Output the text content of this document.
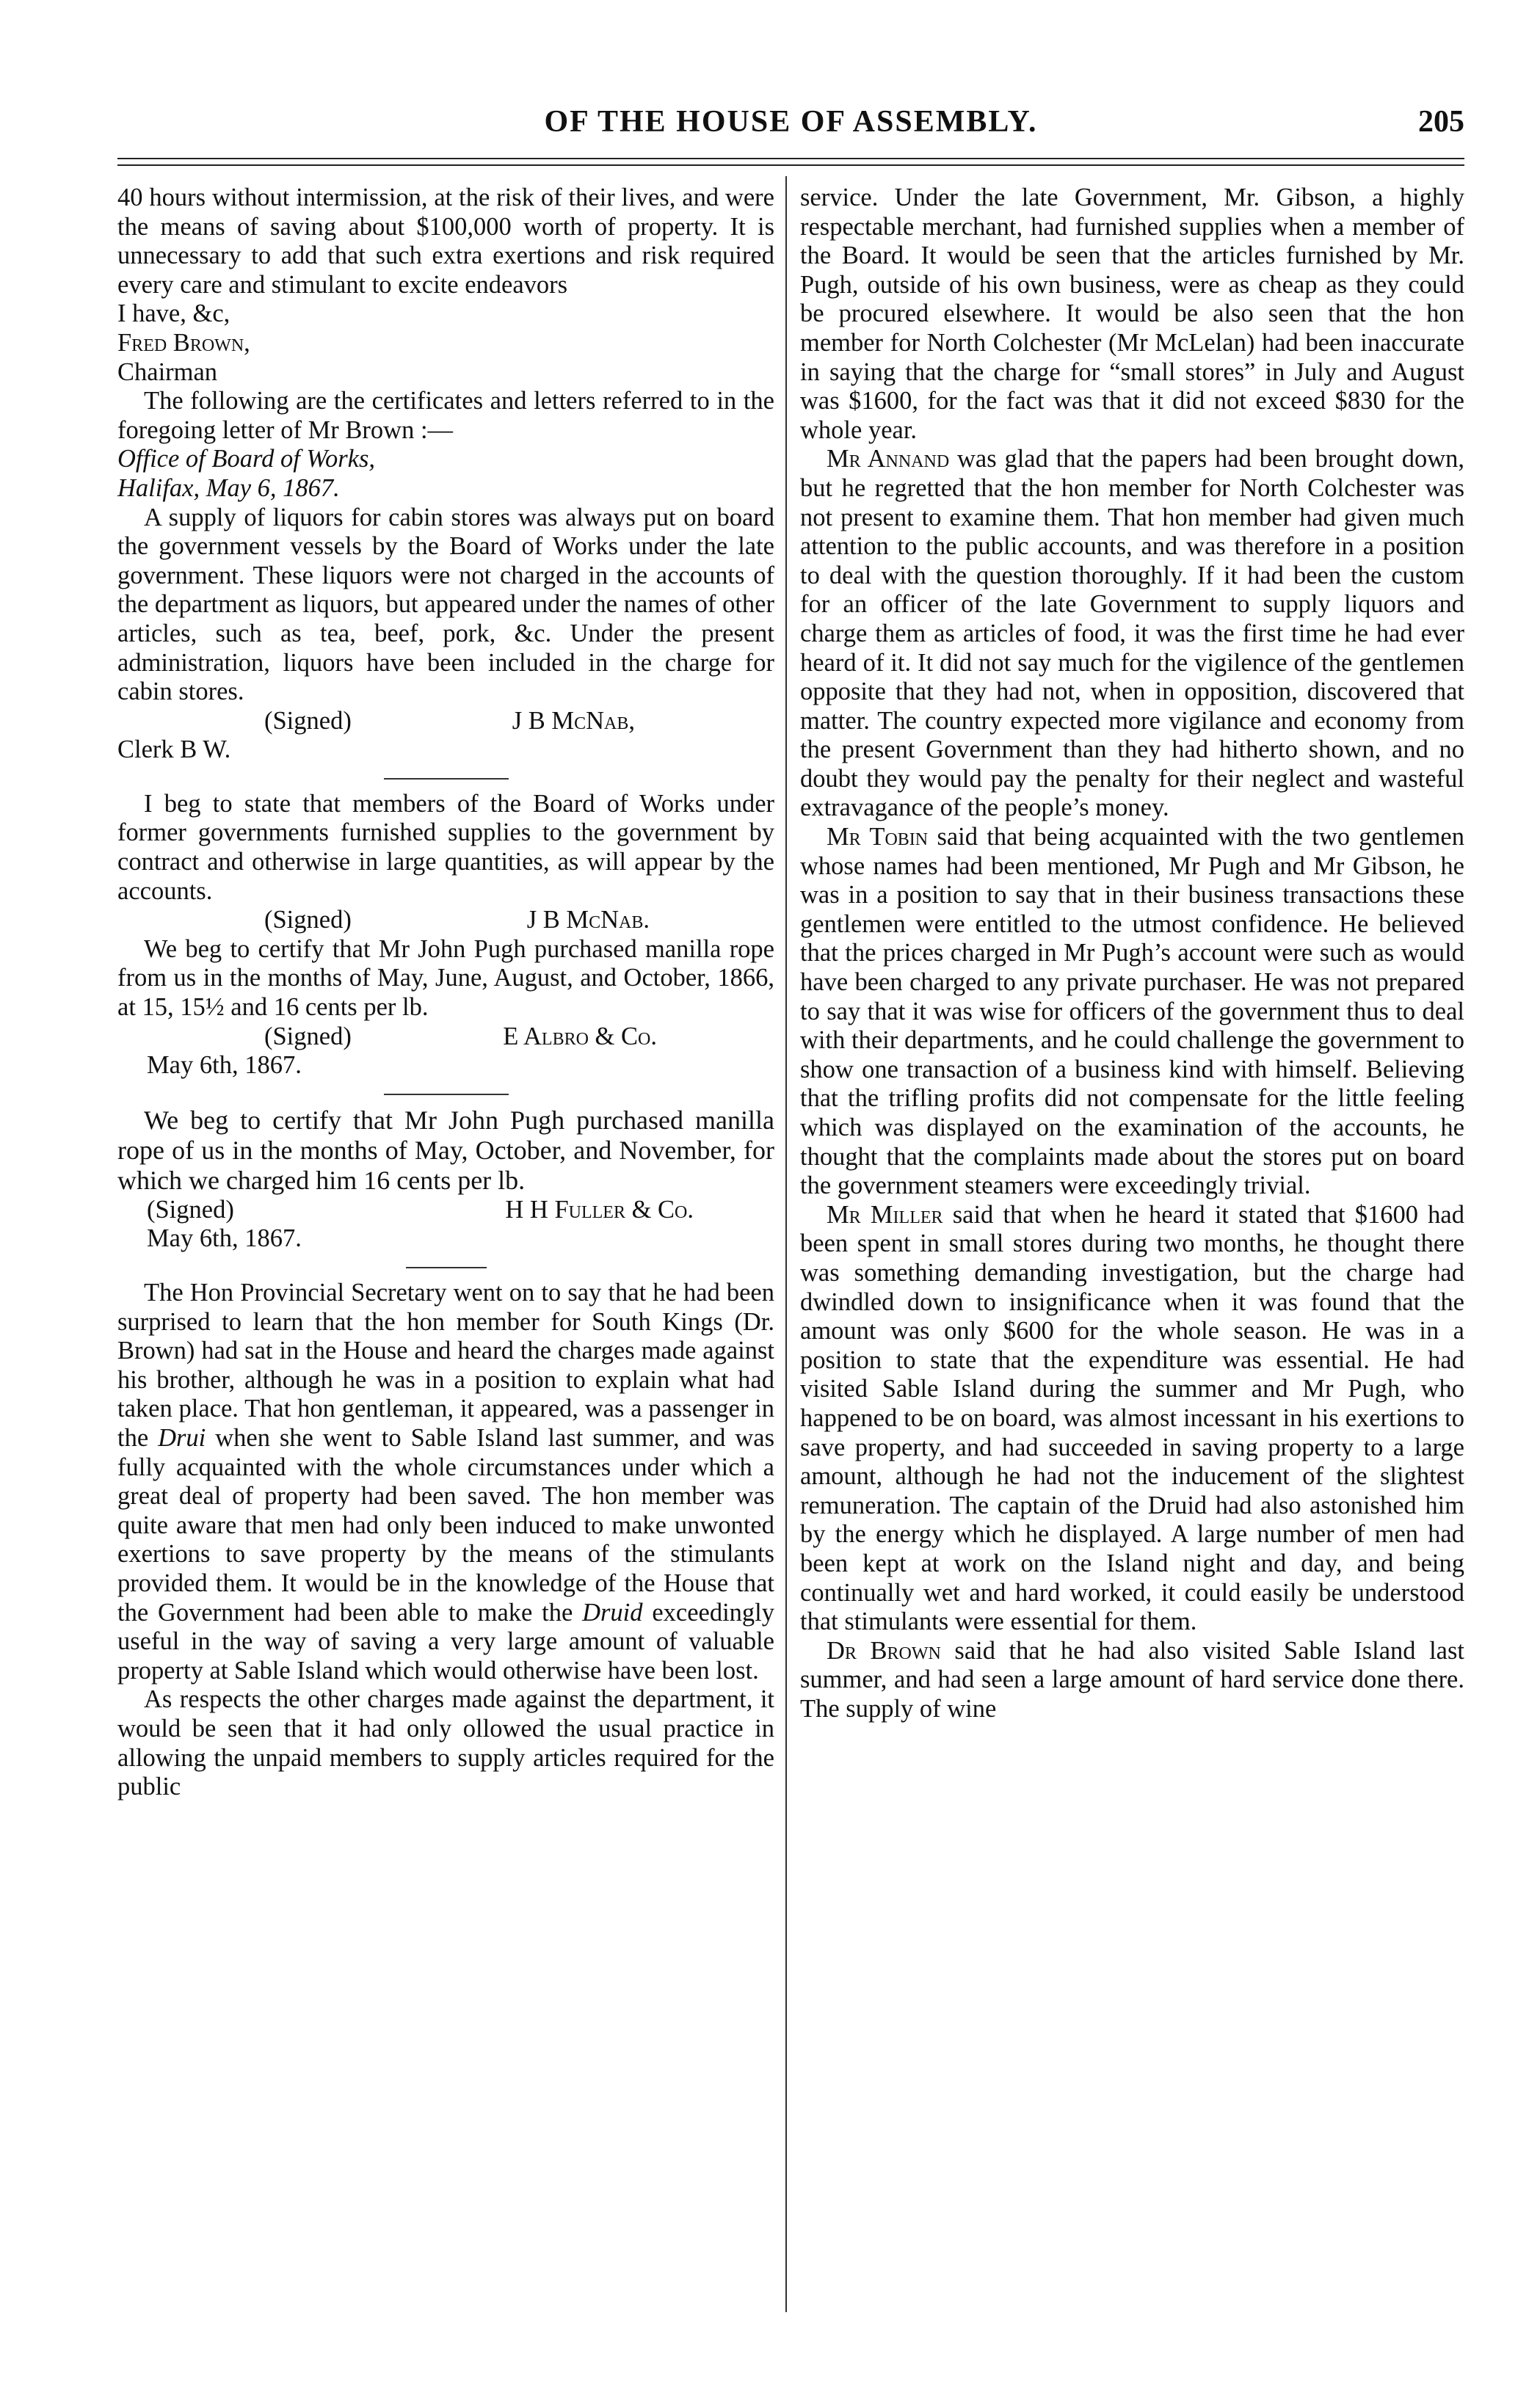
OF THE HOUSE OF ASSEMBLY.	205

40 hours without intermission, at the risk of their lives, and were the means of saving about $100,000 worth of property. It is unnecessary to add that such extra exertions and risk required every care and stimulant to excite endeavors

I have, &c,

Fred Brown,

Chairman

The following are the certificates and letters referred to in the foregoing letter of Mr Brown :—

Office of Board of Works,

Halifax, May 6, 1867.

A supply of liquors for cabin stores was always put on board the government vessels by the Board of Works under the late government. These liquors were not charged in the accounts of the department as liquors, but appeared under the names of other articles, such as tea, beef, pork, &c. Under the present administration, liquors have been included in the charge for cabin stores.

(Signed)	J B McNab,

Clerk B W.

I beg to state that members of the Board of Works under former governments furnished supplies to the government by contract and otherwise in large quantities, as will appear by the accounts.

(Signed)	J B McNab.

We beg to certify that Mr John Pugh purchased manilla rope from us in the months of May, June, August, and October, 1866, at 15, 15½ and 16 cents per lb.

(Signed)	E Albro & Co.

May 6th, 1867.

We beg to certify that Mr John Pugh purchased manilla rope of us in the months of May, October, and November, for which we charged him 16 cents per lb.

(Signed)	H H Fuller & Co.

May 6th, 1867.

The Hon Provincial Secretary went on to say that he had been surprised to learn that the hon member for South Kings (Dr. Brown) had sat in the House and heard the charges made against his brother, although he was in a position to explain what had taken place. That hon gentleman, it appeared, was a passenger in the Drui when she went to Sable Island last summer, and was fully acquainted with the whole circumstances under which a great deal of property had been saved. The hon member was quite aware that men had only been induced to make unwonted exertions to save property by the means of the stimulants provided them. It would be in the knowledge of the House that the Government had been able to make the Druid exceedingly useful in the way of saving a very large amount of valuable property at Sable Island which would otherwise have been lost.

As respects the other charges made against the department, it would be seen that it had only ollowed the usual practice in allowing the unpaid members to supply articles required for the public

service. Under the late Government, Mr. Gibson, a highly respectable merchant, had furnished supplies when a member of the Board. It would be seen that the articles furnished by Mr. Pugh, outside of his own business, were as cheap as they could be procured elsewhere. It would be also seen that the hon member for North Colchester (Mr McLelan) had been inaccurate in saying that the charge for “small stores” in July and August was $1600, for the fact was that it did not exceed $830 for the whole year.

Mr Annand was glad that the papers had been brought down, but he regretted that the hon member for North Colchester was not present to examine them. That hon member had given much attention to the public accounts, and was therefore in a position to deal with the question thoroughly. If it had been the custom for an officer of the late Government to supply liquors and charge them as articles of food, it was the first time he had ever heard of it. It did not say much for the vigilence of the gentlemen opposite that they had not, when in opposition, discovered that matter. The country expected more vigilance and economy from the present Government than they had hitherto shown, and no doubt they would pay the penalty for their neglect and wasteful extravagance of the people’s money.

Mr Tobin said that being acquainted with the two gentlemen whose names had been mentioned, Mr Pugh and Mr Gibson, he was in a position to say that in their business transactions these gentlemen were entitled to the utmost confidence. He believed that the prices charged in Mr Pugh’s account were such as would have been charged to any private purchaser. He was not prepared to say that it was wise for officers of the government thus to deal with their departments, and he could challenge the government to show one transaction of a business kind with himself. Believing that the trifling profits did not compensate for the little feeling which was displayed on the examination of the accounts, he thought that the complaints made about the stores put on board the government steamers were exceedingly trivial.

Mr Miller said that when he heard it stated that $1600 had been spent in small stores during two months, he thought there was something demanding investigation, but the charge had dwindled down to insignificance when it was found that the amount was only $600 for the whole season. He was in a position to state that the expenditure was essential. He had visited Sable Island during the summer and Mr Pugh, who happened to be on board, was almost incessant in his exertions to save property, and had succeeded in saving property to a large amount, although he had not the inducement of the slightest remuneration. The captain of the Druid had also astonished him by the energy which he displayed. A large number of men had been kept at work on the Island night and day, and being continually wet and hard worked, it could easily be understood that stimulants were essential for them.

Dr Brown said that he had also visited Sable Island last summer, and had seen a large amount of hard service done there. The supply of wine
